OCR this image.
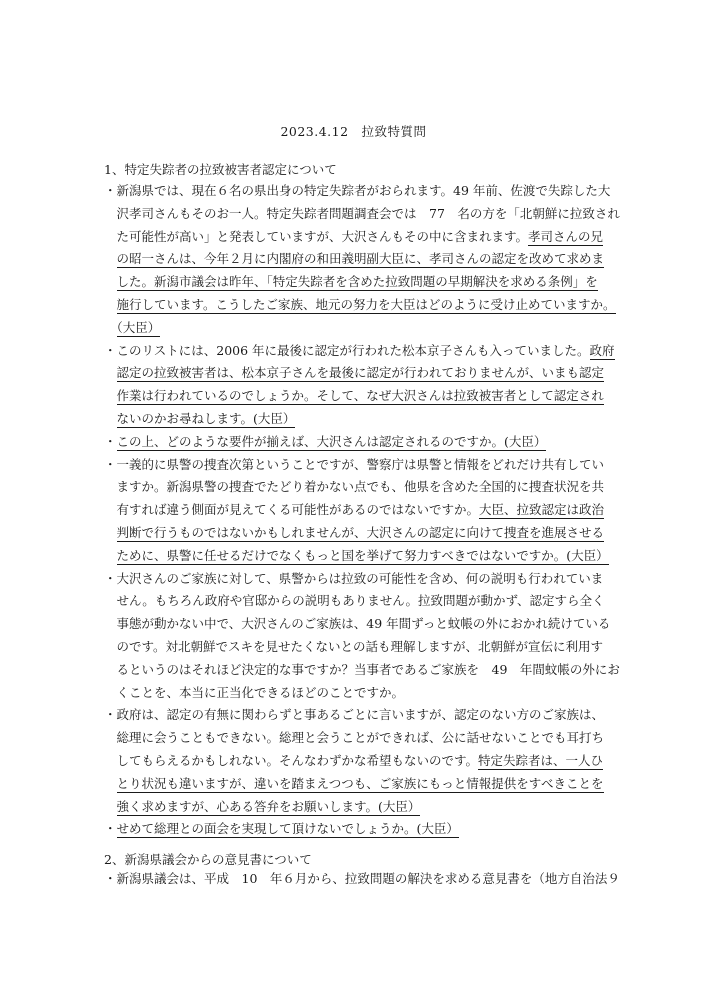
2023.4.12　拉致特質問
1、特定失踪者の拉致被害者認定について
・新潟県では、現在６名の県出身の特定失踪者がおられます。49 年前、佐渡で失踪した大
　沢孝司さんもそのお一人。特定失踪者問題調査会では　77　名の方を「北朝鮮に拉致され
　た可能性が高い」と発表していますが、大沢さんもその中に含まれます。孝司さんの兄
　の昭一さんは、今年２月に内閣府の和田義明副大臣に、孝司さんの認定を改めて求めま
　した。新潟市議会は昨年、「特定失踪者を含めた拉致問題の早期解決を求める条例」を
　施行しています。こうしたご家族、地元の努力を大臣はどのように受け止めていますか。
　（大臣）
・このリストには、2006 年に最後に認定が行われた松本京子さんも入っていました。政府
　認定の拉致被害者は、松本京子さんを最後に認定が行われておりませんが、いまも認定
　作業は行われているのでしょうか。そして、なぜ大沢さんは拉致被害者として認定され
　ないのかお尋ねします。(大臣）
・この上、どのような要件が揃えば、大沢さんは認定されるのですか。(大臣）
・一義的に県警の捜査次第ということですが、警察庁は県警と情報をどれだけ共有してい
　ますか。新潟県警の捜査でたどり着かない点でも、他県を含めた全国的に捜査状況を共
　有すれば違う側面が見えてくる可能性があるのではないですか。大臣、拉致認定は政治
　判断で行うものではないかもしれませんが、大沢さんの認定に向けて捜査を進展させる
　ために、県警に任せるだけでなくもっと国を挙げて努力すべきではないですか。(大臣）
・大沢さんのご家族に対して、県警からは拉致の可能性を含め、何の説明も行われていま
　せん。もちろん政府や官邸からの説明もありません。拉致問題が動かず、認定すら全く
　事態が動かない中で、大沢さんのご家族は、49 年間ずっと蚊帳の外におかれ続けている
　のです。対北朝鮮でスキを見せたくないとの話も理解しますが、北朝鮮が宣伝に利用す
　るというのはそれほど決定的な事ですか？当事者であるご家族を　49　年間蚊帳の外にお
　くことを、本当に正当化できるほどのことですか。
・政府は、認定の有無に関わらずと事あるごとに言いますが、認定のない方のご家族は、
　総理に会うこともできない。総理と会うことができれば、公に話せないことでも耳打ち
　してもらえるかもしれない。そんなわずかな希望もないのです。特定失踪者は、一人ひ
　とり状況も違いますが、違いを踏まえつつも、ご家族にもっと情報提供をすべきことを
　強く求めますが、心ある答弁をお願いします。(大臣）
・せめて総理との面会を実現して頂けないでしょうか。(大臣）
2、新潟県議会からの意見書について
・新潟県議会は、平成　10　年６月から、拉致問題の解決を求める意見書を（地方自治法９
